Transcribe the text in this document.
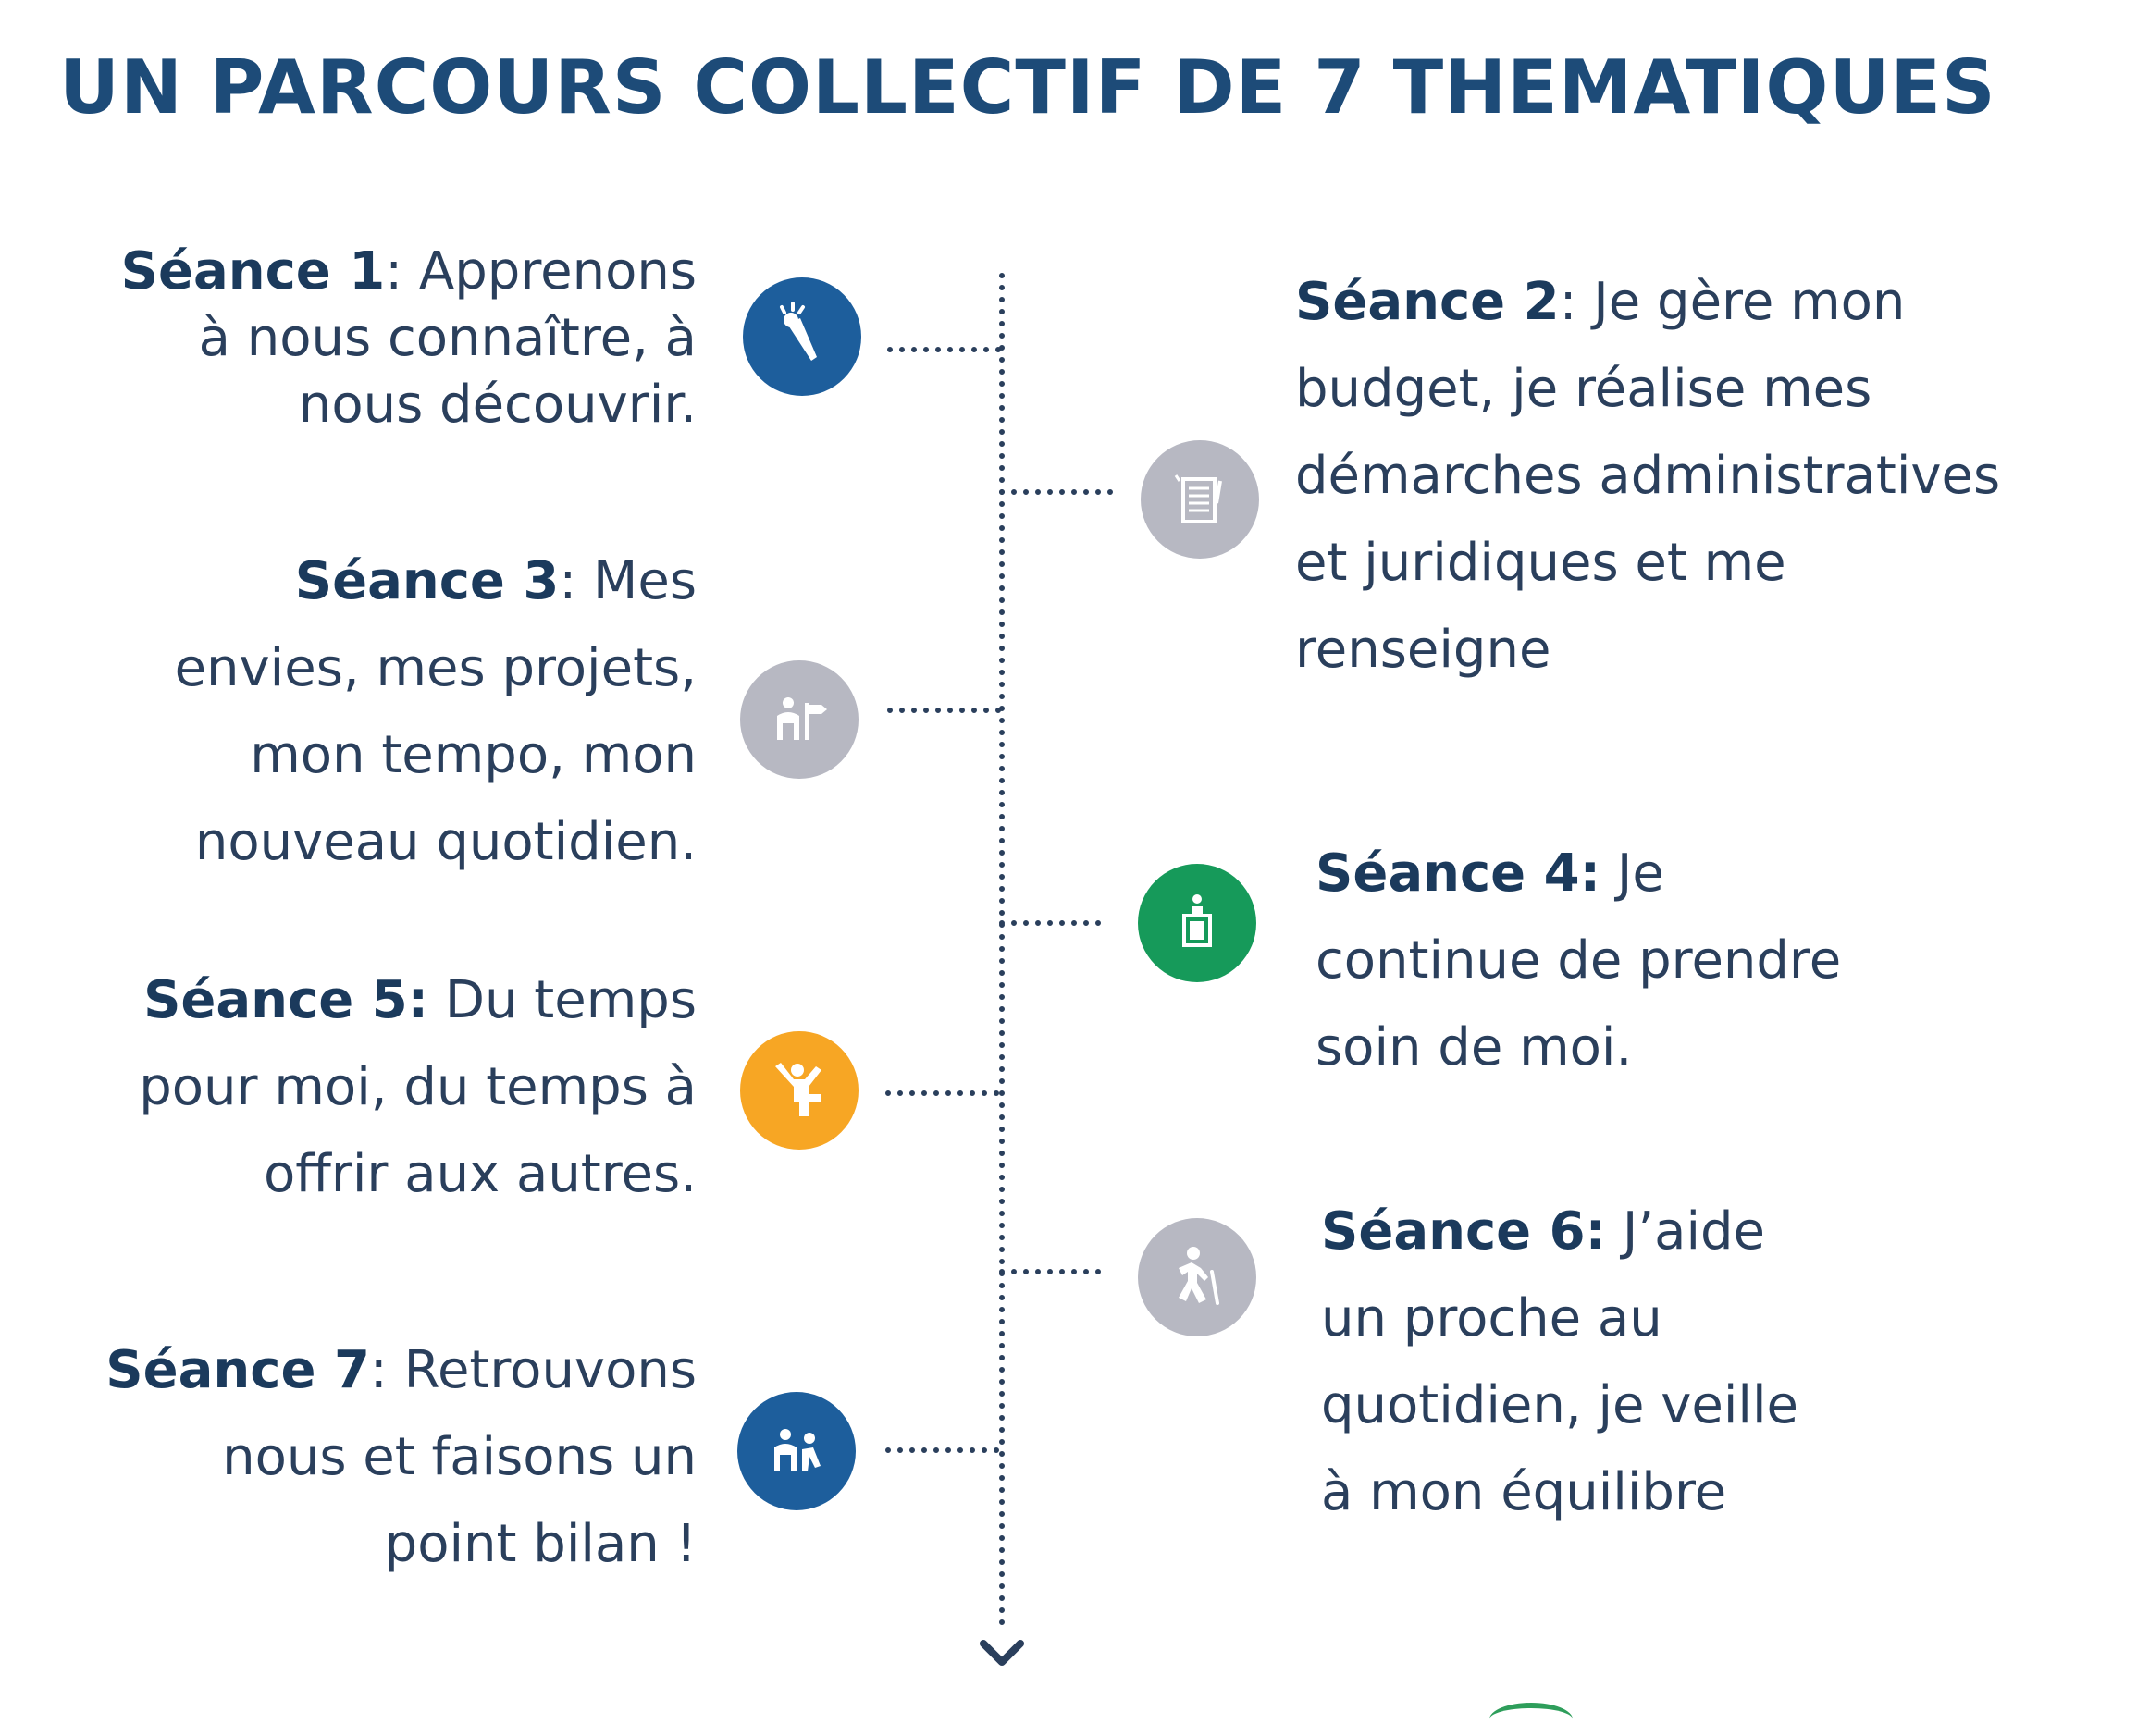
UN PARCOURS COLLECTIF DE 7 THEMATIQUES
Séance 1: Apprenons
à nous connaître, à
nous découvrir.
Séance 2: Je gère mon
budget, je réalise mes
démarches administratives
et juridiques et me
renseigne
Séance 3: Mes
envies, mes projets,
mon tempo, mon
nouveau quotidien.
Séance 4: Je
continue de prendre
soin de moi.
Séance 5: Du temps
pour moi, du temps à
offrir aux autres.
Séance 6: J’aide
un proche au
quotidien, je veille
à mon équilibre
Séance 7: Retrouvons
nous et faisons un
point bilan !
